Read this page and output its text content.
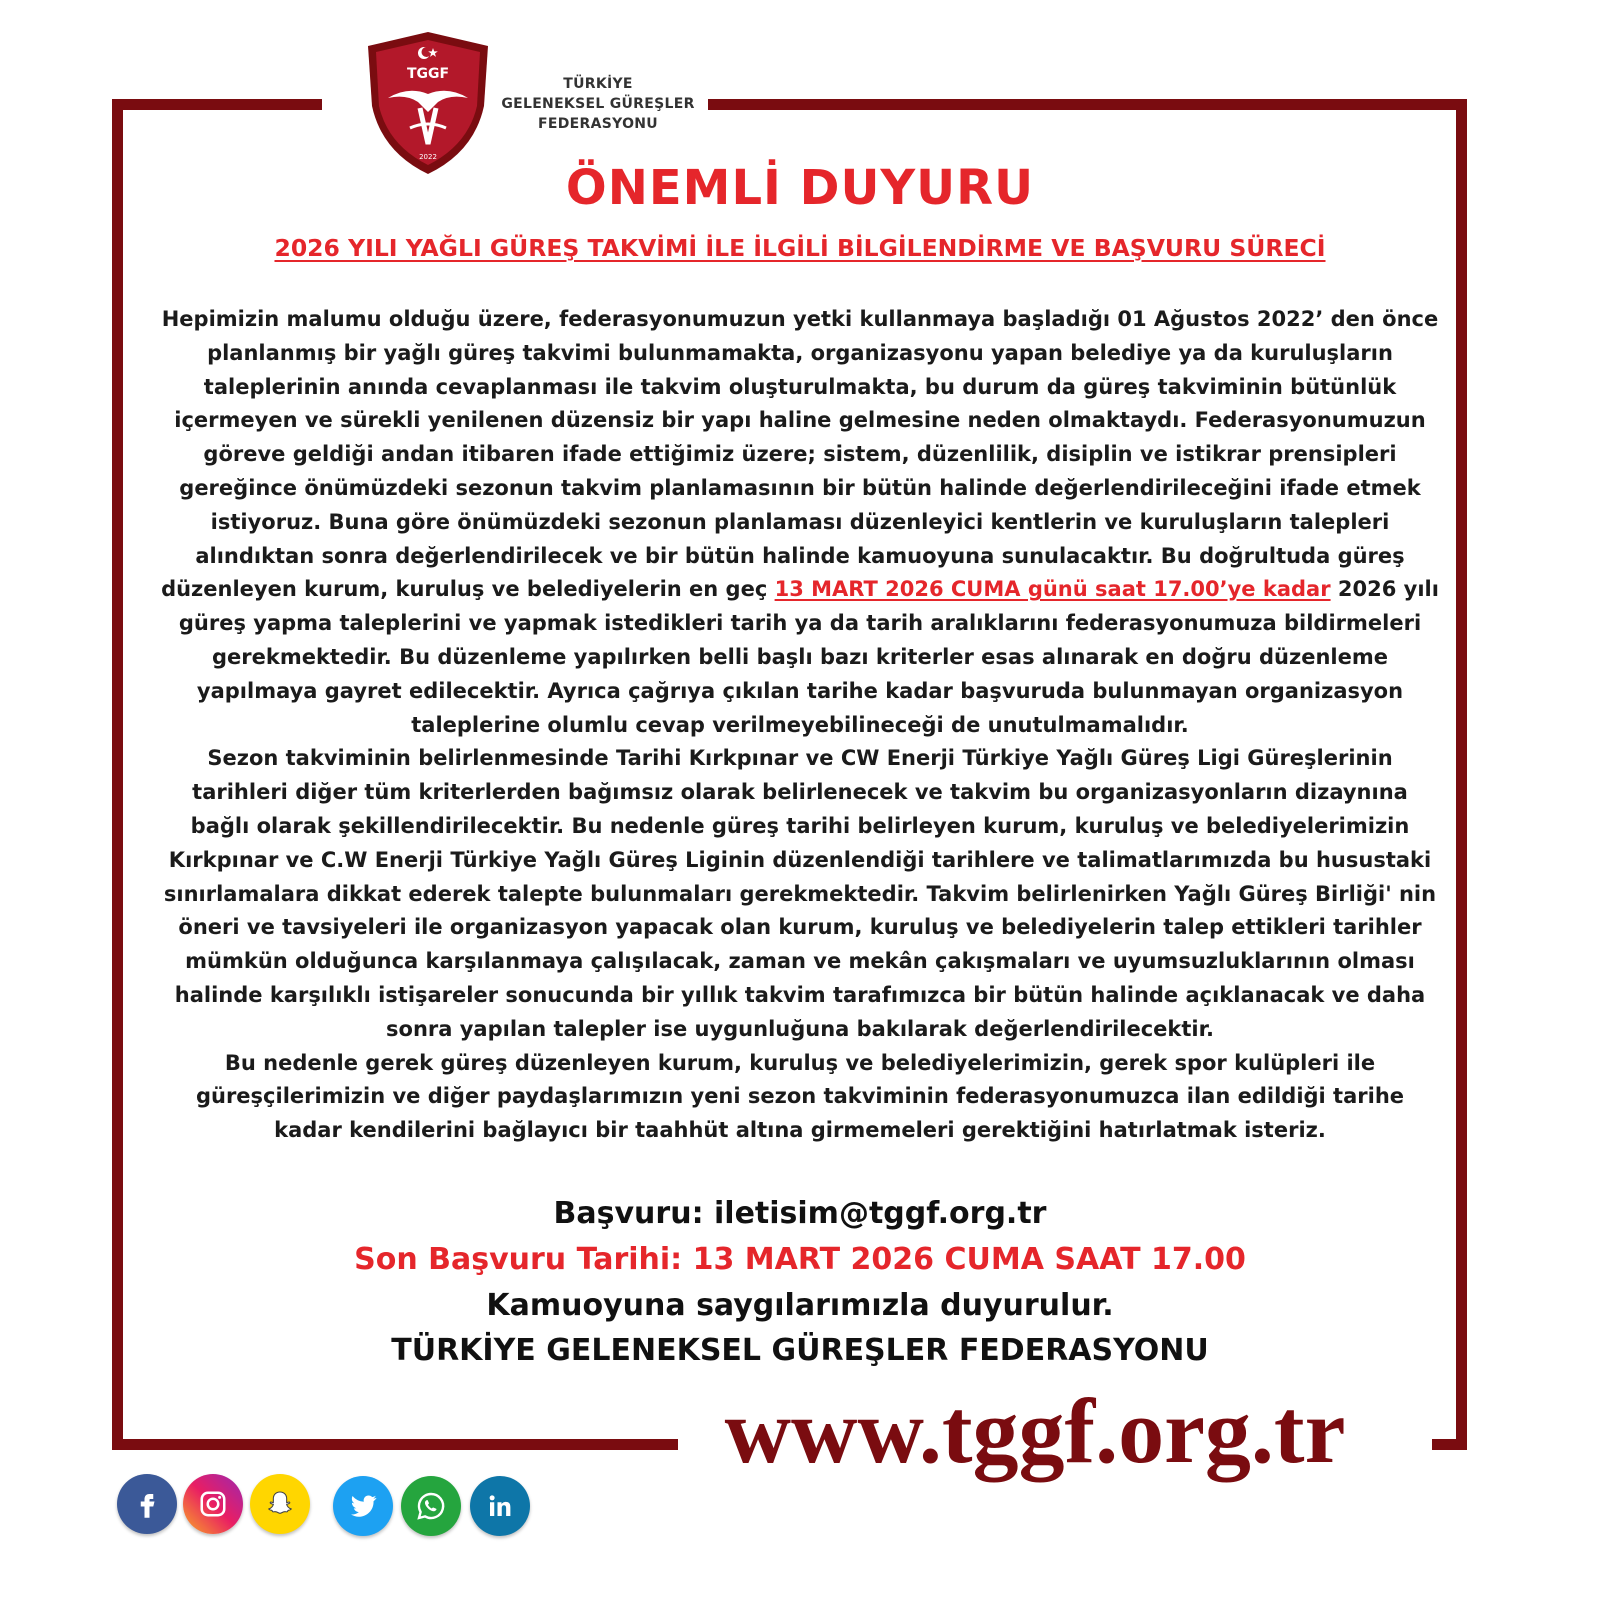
TGGF
2022
TÜRKİYE
GELENEKSEL GÜREŞLER
FEDERASYONU
ÖNEMLİ DUYURU
2026 YILI YAĞLI GÜREŞ TAKVİMİ İLE İLGİLİ BİLGİLENDİRME VE BAŞVURU SÜRECİ

Hepimizin malumu olduğu üzere, federasyonumuzun yetki kullanmaya başladığı 01 Ağustos 2022’ den önce planlanmış bir yağlı güreş takvimi bulunmamakta, organizasyonu yapan belediye ya da kuruluşların taleplerinin anında cevaplanması ile takvim oluşturulmakta, bu durum da güreş takviminin bütünlük içermeyen ve sürekli yenilenen düzensiz bir yapı haline gelmesine neden olmaktaydı. Federasyonumuzun göreve geldiği andan itibaren ifade ettiğimiz üzere; sistem, düzenlilik, disiplin ve istikrar prensipleri gereğince önümüzdeki sezonun takvim planlamasının bir bütün halinde değerlendirileceğini ifade etmek istiyoruz. Buna göre önümüzdeki sezonun planlaması düzenleyici kentlerin ve kuruluşların talepleri alındıktan sonra değerlendirilecek ve bir bütün halinde kamuoyuna sunulacaktır. Bu doğrultuda güreş düzenleyen kurum, kuruluş ve belediyelerin en geç 13 MART 2026 CUMA günü saat 17.00’ye kadar 2026 yılı güreş yapma taleplerini ve yapmak istedikleri tarih ya da tarih aralıklarını federasyonumuza bildirmeleri gerekmektedir. Bu düzenleme yapılırken belli başlı bazı kriterler esas alınarak en doğru düzenleme yapılmaya gayret edilecektir. Ayrıca çağrıya çıkılan tarihe kadar başvuruda bulunmayan organizasyon taleplerine olumlu cevap verilmeyebilineceği de unutulmamalıdır.

Sezon takviminin belirlenmesinde Tarihi Kırkpınar ve CW Enerji Türkiye Yağlı Güreş Ligi Güreşlerinin tarihleri diğer tüm kriterlerden bağımsız olarak belirlenecek ve takvim bu organizasyonların dizaynına bağlı olarak şekillendirilecektir. Bu nedenle güreş tarihi belirleyen kurum, kuruluş ve belediyelerimizin Kırkpınar ve C.W Enerji Türkiye Yağlı Güreş Liginin düzenlendiği tarihlere ve talimatlarımızda bu husustaki sınırlamalara dikkat ederek talepte bulunmaları gerekmektedir. Takvim belirlenirken Yağlı Güreş Birliği' nin öneri ve tavsiyeleri ile organizasyon yapacak olan kurum, kuruluş ve belediyelerin talep ettikleri tarihler mümkün olduğunca karşılanmaya çalışılacak, zaman ve mekân çakışmaları ve uyumsuzluklarının olması halinde karşılıklı istişareler sonucunda bir yıllık takvim tarafımızca bir bütün halinde açıklanacak ve daha sonra yapılan talepler ise uygunluğuna bakılarak değerlendirilecektir.

Bu nedenle gerek güreş düzenleyen kurum, kuruluş ve belediyelerimizin, gerek spor kulüpleri ile güreşçilerimizin ve diğer paydaşlarımızın yeni sezon takviminin federasyonumuzca ilan edildiği tarihe kadar kendilerini bağlayıcı bir taahhüt altına girmemeleri gerektiğini hatırlatmak isteriz.

Başvuru: iletisim@tggf.org.tr
Son Başvuru Tarihi: 13 MART 2026 CUMA SAAT 17.00
Kamuoyuna saygılarımızla duyurulur.
TÜRKİYE GELENEKSEL GÜREŞLER FEDERASYONU
www.tggf.org.tr
